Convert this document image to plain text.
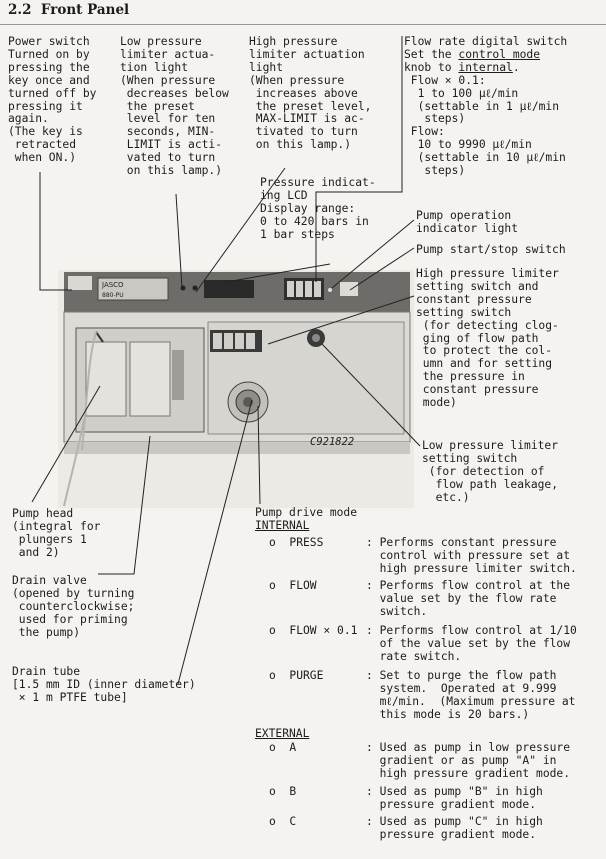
2.2 Front Panel
Power switch
Turned on by
pressing the
key once and
turned off by
pressing it
again.
(The key is
retracted
when ON.)
Low pressure
limiter actua-
tion light
(When pressure
decreases below
the preset
level for ten
seconds, MIN-
LIMIT is acti-
vated to turn
on this lamp.)
High pressure
limiter actuation
light
(When pressure
increases above
the preset level,
MAX-LIMIT is ac-
tivated to turn
on this lamp.)
Flow rate digital switch
Set the control mode
knob to internal.
Flow × 0.1:
1 to 100 μℓ/min
(settable in 1 μℓ/min
steps)
Flow:
10 to 9990 μℓ/min
(settable in 10 μℓ/min
steps)
Pressure indicat-
ing LCD
Display range:
0 to 420 bars in
1 bar steps
Pump operation
indicator light
Pump start/stop switch
High pressure limiter
setting switch and
constant pressure
setting switch
(for detecting clog-
ging of flow path
to protect the col-
umn and for setting
the pressure in
constant pressure
mode)
Low pressure limiter
setting switch
(for detection of
flow path leakage,
etc.)
JASCO
880-PU
C921822
Pump head
(integral for
plungers 1
and 2)
Drain valve
(opened by turning
counterclockwise;
used for priming
the pump)
Drain tube
[1.5 mm ID (inner diameter)
× 1 m PTFE tube]
Pump drive mode
INTERNAL
EXTERNAL
o  PRESS	: Performs constant pressure
control with pressure set at
high pressure limiter switch.
o  FLOW	: Performs flow control at the
value set by the flow rate
switch.
o  FLOW × 0.1 : Performs flow control at 1/10
of the value set by the flow
rate switch.
o  PURGE	: Set to purge the flow path
system.  Operated at 9.999
mℓ/min.  (Maximum pressure at
this mode is 20 bars.)
o  A	: Used as pump in low pressure
gradient or as pump "A" in
high pressure gradient mode.
o  B	: Used as pump "B" in high
pressure gradient mode.
o  C	: Used as pump "C" in high
pressure gradient mode.
